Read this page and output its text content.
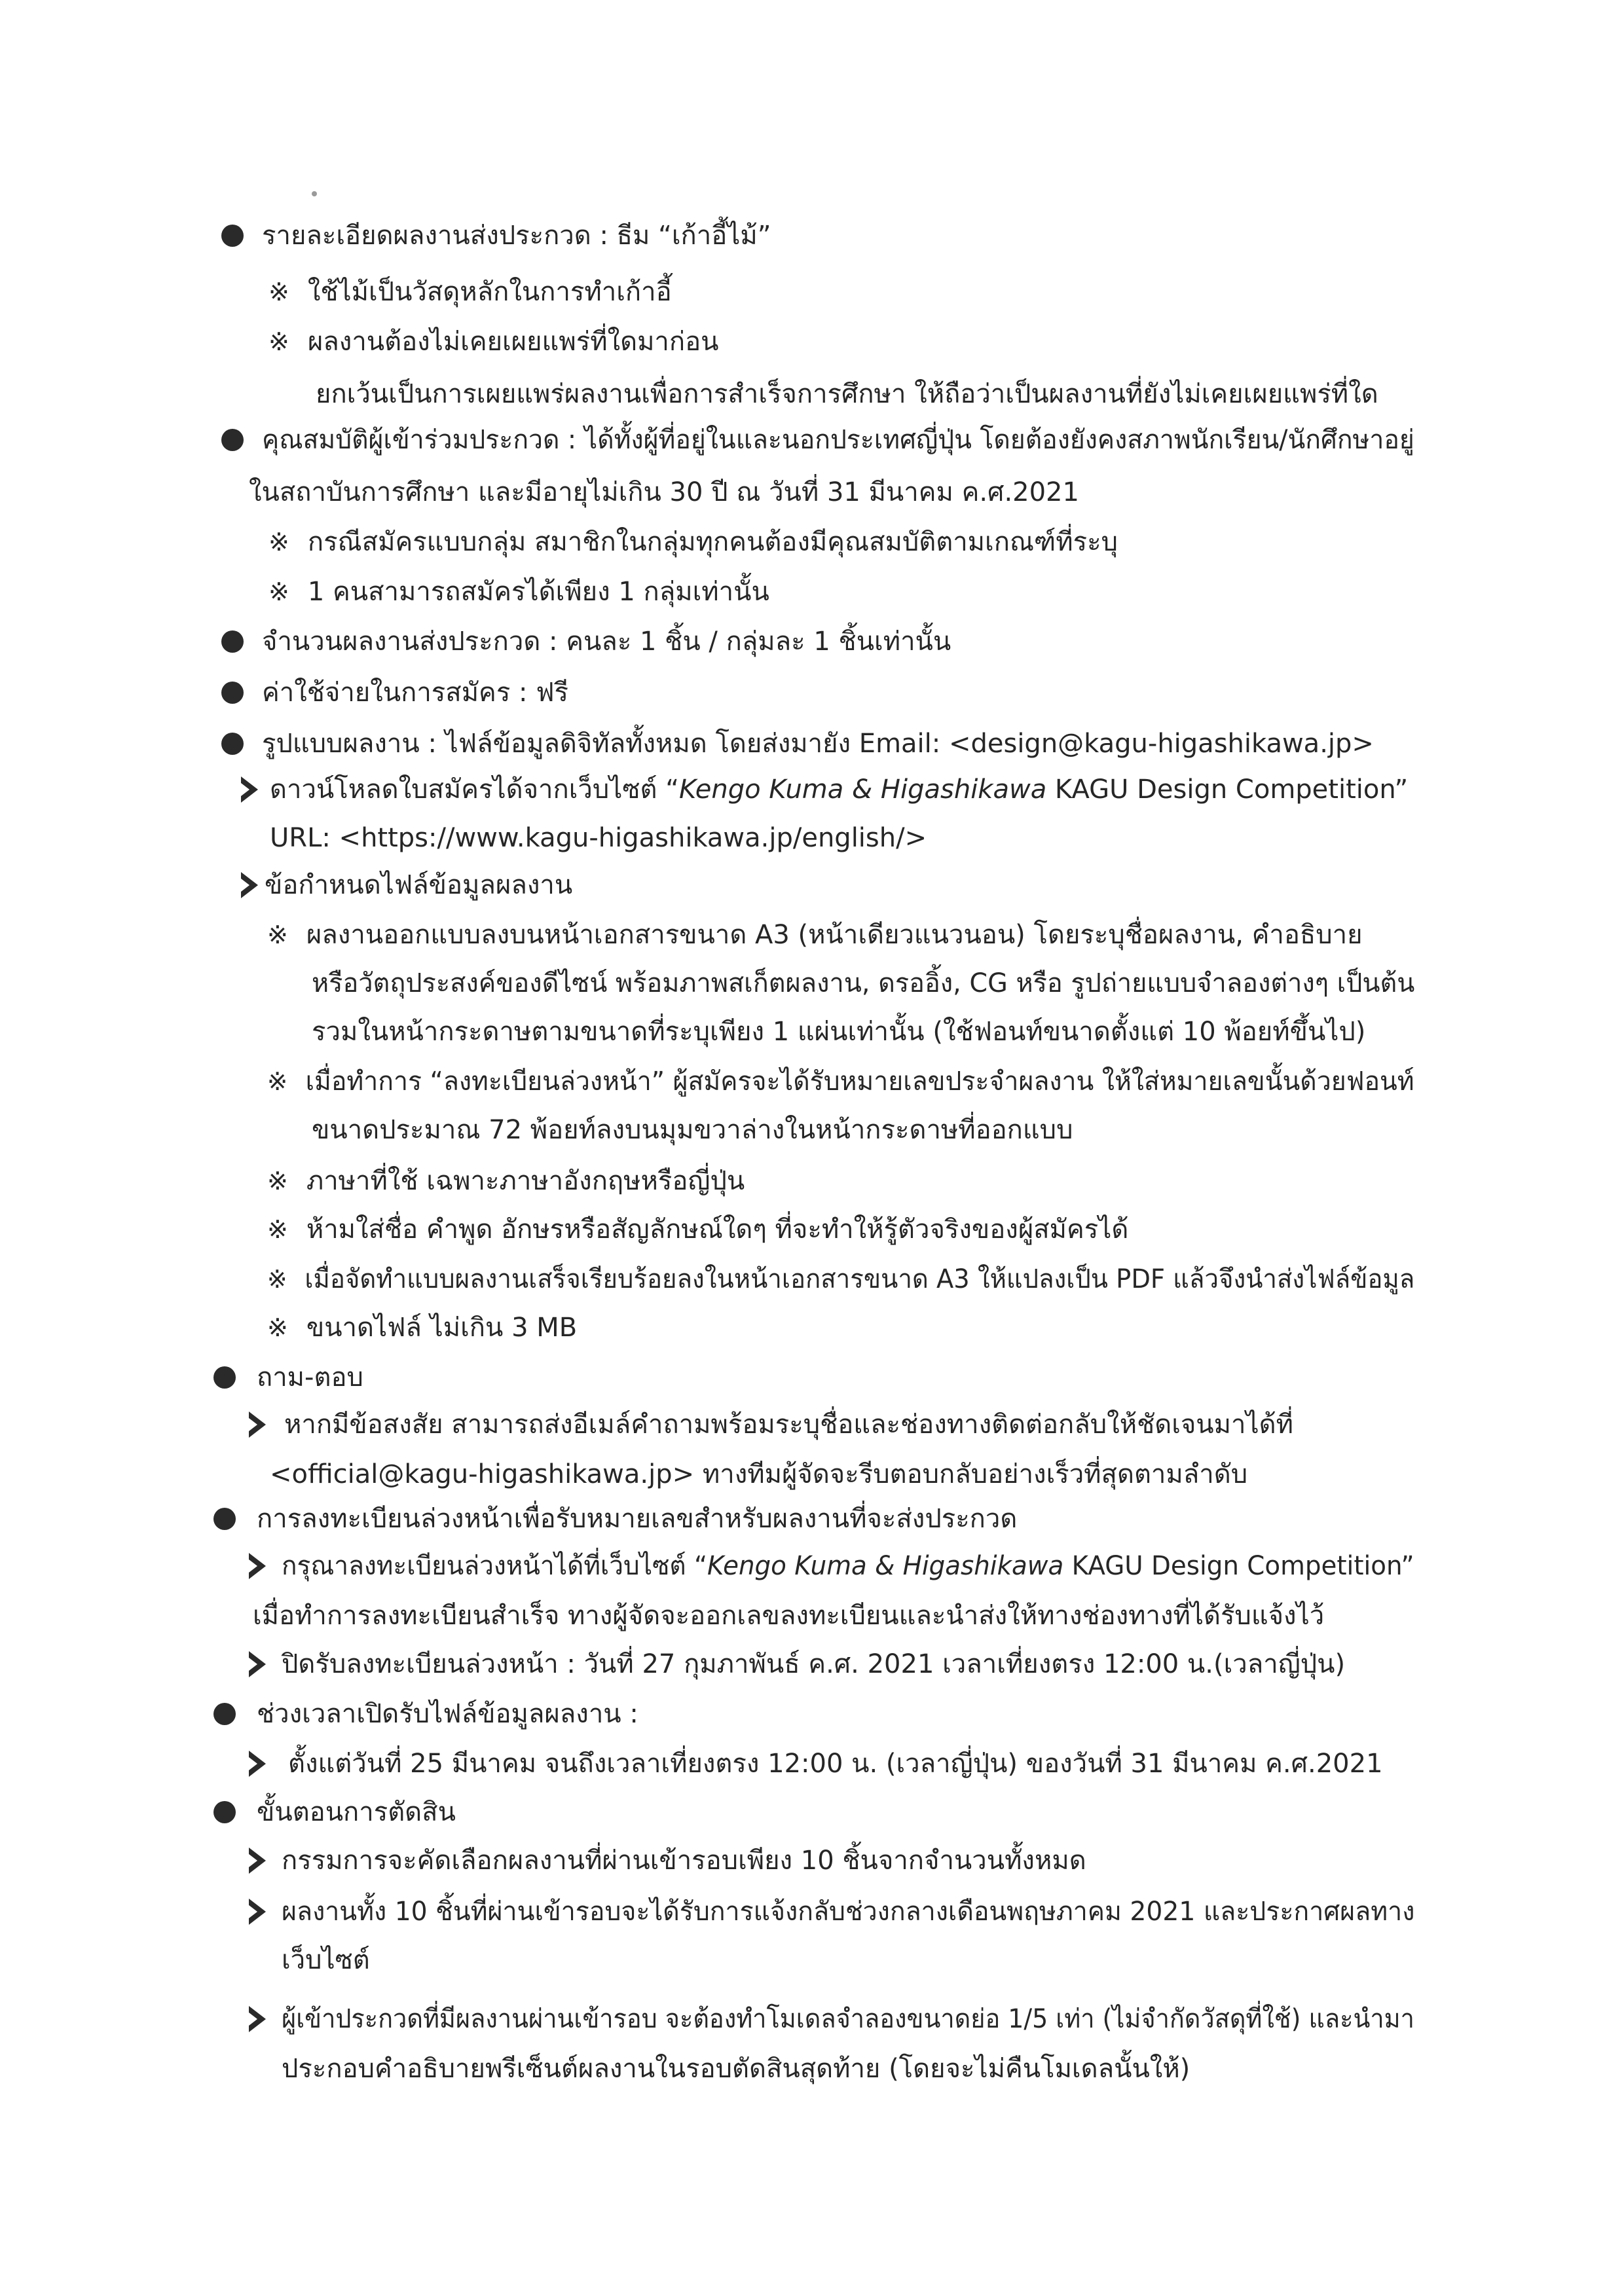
รายละเอียดผลงานส่งประกวด : ธีม “เก้าอี้ไม้”
※ ใช้ไม้เป็นวัสดุหลักในการทำเก้าอี้
※ ผลงานต้องไม่เคยเผยแพร่ที่ใดมาก่อน
ยกเว้นเป็นการเผยแพร่ผลงานเพื่อการสำเร็จการศึกษา ให้ถือว่าเป็นผลงานที่ยังไม่เคยเผยแพร่ที่ใด
คุณสมบัติผู้เข้าร่วมประกวด : ได้ทั้งผู้ที่อยู่ในและนอกประเทศญี่ปุ่น โดยต้องยังคงสภาพนักเรียน/นักศึกษาอยู่
ในสถาบันการศึกษา และมีอายุไม่เกิน 30 ปี ณ วันที่ 31 มีนาคม ค.ศ.2021
※ กรณีสมัครแบบกลุ่ม สมาชิกในกลุ่มทุกคนต้องมีคุณสมบัติตามเกณฑ์ที่ระบุ
※ 1 คนสามารถสมัครได้เพียง 1 กลุ่มเท่านั้น
จำนวนผลงานส่งประกวด : คนละ 1 ชิ้น / กลุ่มละ 1 ชิ้นเท่านั้น
ค่าใช้จ่ายในการสมัคร : ฟรี
รูปแบบผลงาน : ไฟล์ข้อมูลดิจิทัลทั้งหมด โดยส่งมายัง Email: <design@kagu-higashikawa.jp>
ดาวน์โหลดใบสมัครได้จากเว็บไซต์ “Kengo Kuma & Higashikawa KAGU Design Competition”
URL: <https://www.kagu-higashikawa.jp/english/>
ข้อกำหนดไฟล์ข้อมูลผลงาน
※ ผลงานออกแบบลงบนหน้าเอกสารขนาด A3 (หน้าเดียวแนวนอน) โดยระบุชื่อผลงาน, คำอธิบาย
หรือวัตถุประสงค์ของดีไซน์ พร้อมภาพสเก็ตผลงาน, ดรออิ้ง, CG หรือ รูปถ่ายแบบจำลองต่างๆ เป็นต้น
รวมในหน้ากระดาษตามขนาดที่ระบุเพียง 1 แผ่นเท่านั้น (ใช้ฟอนท์ขนาดตั้งแต่ 10 พ้อยท์ขึ้นไป)
※ เมื่อทำการ “ลงทะเบียนล่วงหน้า” ผู้สมัครจะได้รับหมายเลขประจำผลงาน ให้ใส่หมายเลขนั้นด้วยฟอนท์
ขนาดประมาณ 72 พ้อยท์ลงบนมุมขวาล่างในหน้ากระดาษที่ออกแบบ
※ ภาษาที่ใช้ เฉพาะภาษาอังกฤษหรือญี่ปุ่น
※ ห้ามใส่ชื่อ คำพูด อักษรหรือสัญลักษณ์ใดๆ ที่จะทำให้รู้ตัวจริงของผู้สมัครได้
※ เมื่อจัดทำแบบผลงานเสร็จเรียบร้อยลงในหน้าเอกสารขนาด A3 ให้แปลงเป็น PDF แล้วจึงนำส่งไฟล์ข้อมูล
※ ขนาดไฟล์ ไม่เกิน 3 MB
ถาม-ตอบ
หากมีข้อสงสัย สามารถส่งอีเมล์คำถามพร้อมระบุชื่อและช่องทางติดต่อกลับให้ชัดเจนมาได้ที่
<official@kagu-higashikawa.jp> ทางทีมผู้จัดจะรีบตอบกลับอย่างเร็วที่สุดตามลำดับ
การลงทะเบียนล่วงหน้าเพื่อรับหมายเลขสำหรับผลงานที่จะส่งประกวด
กรุณาลงทะเบียนล่วงหน้าได้ที่เว็บไซต์ “Kengo Kuma & Higashikawa KAGU Design Competition”
เมื่อทำการลงทะเบียนสำเร็จ ทางผู้จัดจะออกเลขลงทะเบียนและนำส่งให้ทางช่องทางที่ได้รับแจ้งไว้
ปิดรับลงทะเบียนล่วงหน้า : วันที่ 27 กุมภาพันธ์ ค.ศ. 2021 เวลาเที่ยงตรง 12:00 น.(เวลาญี่ปุ่น)
ช่วงเวลาเปิดรับไฟล์ข้อมูลผลงาน :
ตั้งแต่วันที่ 25 มีนาคม จนถึงเวลาเที่ยงตรง 12:00 น. (เวลาญี่ปุ่น) ของวันที่ 31 มีนาคม ค.ศ.2021
ขั้นตอนการตัดสิน
กรรมการจะคัดเลือกผลงานที่ผ่านเข้ารอบเพียง 10 ชิ้นจากจำนวนทั้งหมด
ผลงานทั้ง 10 ชิ้นที่ผ่านเข้ารอบจะได้รับการแจ้งกลับช่วงกลางเดือนพฤษภาคม 2021 และประกาศผลทาง
เว็บไซต์
ผู้เข้าประกวดที่มีผลงานผ่านเข้ารอบ จะต้องทำโมเดลจำลองขนาดย่อ 1/5 เท่า (ไม่จำกัดวัสดุที่ใช้) และนำมา
ประกอบคำอธิบายพรีเซ็นต์ผลงานในรอบตัดสินสุดท้าย (โดยจะไม่คืนโมเดลนั้นให้)
